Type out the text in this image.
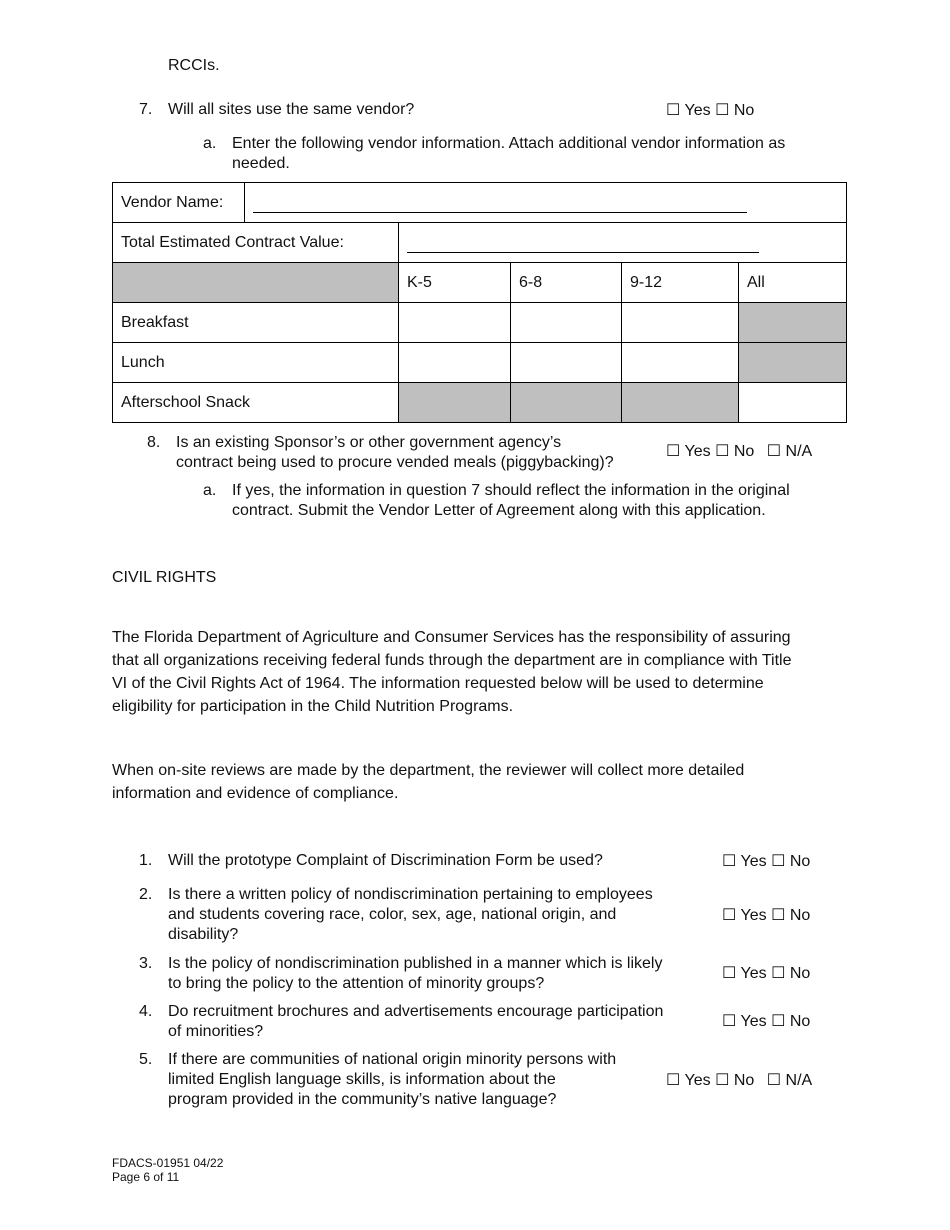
RCCIs.
7. Will all sites use the same vendor?	☐ Yes ☐ No
a. Enter the following vendor information. Attach additional vendor information as
needed.
Vendor Name:					
Total Estimated Contract Value:					
		K-5	6-8	9-12	All
Breakfast					
Lunch					
Afterschool Snack					
8. Is an existing Sponsor’s or other government agency’s
contract being used to procure vended meals (piggybacking)?
☐ Yes ☐ No ☐ N/A
a. If yes, the information in question 7 should reflect the information in the original
contract. Submit the Vendor Letter of Agreement along with this application.
CIVIL RIGHTS
The Florida Department of Agriculture and Consumer Services has the responsibility of assuring
that all organizations receiving federal funds through the department are in compliance with Title
VI of the Civil Rights Act of 1964. The information requested below will be used to determine
eligibility for participation in the Child Nutrition Programs.
When on-site reviews are made by the department, the reviewer will collect more detailed
information and evidence of compliance.
1. Will the prototype Complaint of Discrimination Form be used?	☐ Yes ☐ No
2. Is there a written policy of nondiscrimination pertaining to employees
and students covering race, color, sex, age, national origin, and
disability?
☐ Yes ☐ No
3. Is the policy of nondiscrimination published in a manner which is likely
to bring the policy to the attention of minority groups?
☐ Yes ☐ No
4. Do recruitment brochures and advertisements encourage participation
of minorities?
☐ Yes ☐ No
5. If there are communities of national origin minority persons with
limited English language skills, is information about the
program provided in the community’s native language?
☐ Yes ☐ No ☐ N/A
FDACS-01951 04/22
Page 6 of 11
